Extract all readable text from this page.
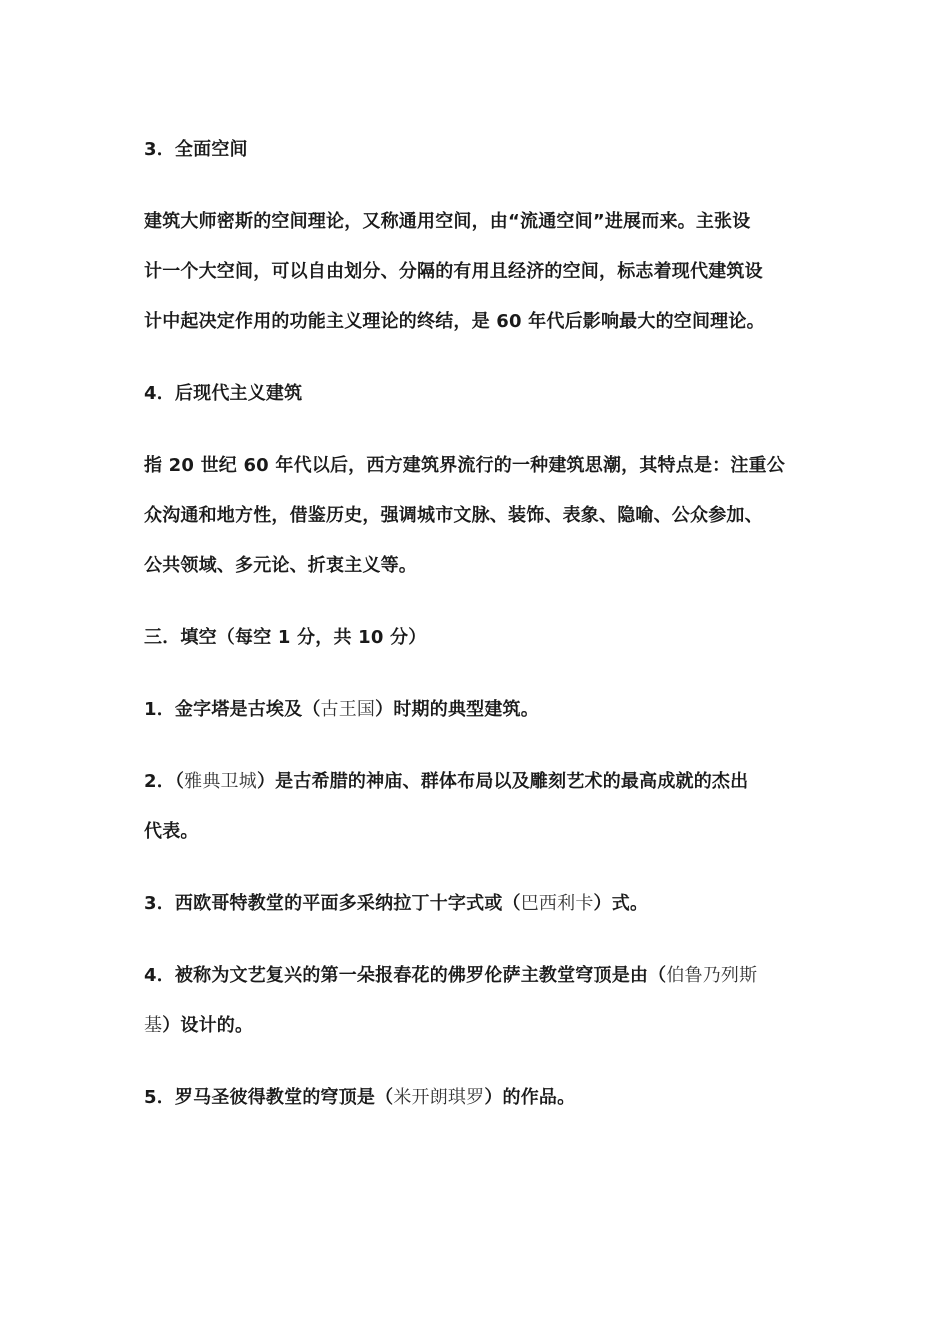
3．全面空间
建筑大师密斯的空间理论，又称通用空间，由“流通空间”进展而来。主张设
计一个大空间，可以自由划分、分隔的有用且经济的空间，标志着现代建筑设
计中起决定作用的功能主义理论的终结，是 60 年代后影响最大的空间理论。
4．后现代主义建筑
指 20 世纪 60 年代以后，西方建筑界流行的一种建筑思潮，其特点是：注重公
众沟通和地方性，借鉴历史，强调城市文脉、装饰、表象、隐喻、公众参加、
公共领域、多元论、折衷主义等。
三．填空（每空 1 分，共 10 分）
1．金字塔是古埃及（古王国）时期的典型建筑。
2．（雅典卫城）是古希腊的神庙、群体布局以及雕刻艺术的最高成就的杰出
代表。
3．西欧哥特教堂的平面多采纳拉丁十字式或（巴西利卡）式。
4．被称为文艺复兴的第一朵报春花的佛罗伦萨主教堂穹顶是由（伯鲁乃列斯
基）设计的。
5．罗马圣彼得教堂的穹顶是（米开朗琪罗）的作品。
